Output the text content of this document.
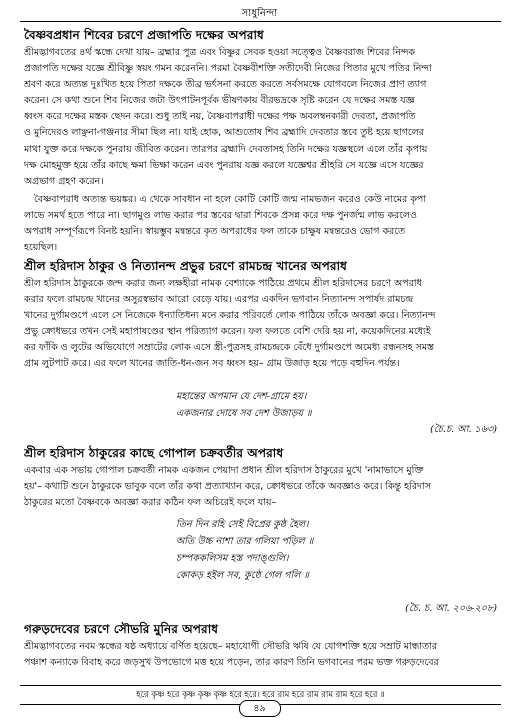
সাধুনিন্দা
বৈষ্ণবপ্রধান শিবের চরণে প্রজাপতি দক্ষের অপরাধ
শ্রীমদ্ভাগবতের ৪র্থ স্কন্ধে দেখা যায়– ব্রহ্মার পুত্র এবং বিষ্ণুর সেবক হওয়া সত্ত্বেও বৈষ্ণবরাজ শিবের নিন্দক
প্রজাপতি দক্ষের যজ্ঞে শ্রীবিষ্ণু স্বয়ং গমন করেননি। পরমা বৈষ্ণবীশক্তি সতীদেবী নিজের পিতার মুখে পতির নিন্দা
শ্রবণ করে অত্যন্ত দুঃখিত হয়ে পিতা দক্ষকে তীব্র ভর্ৎসনা করতে করতে সর্বসমক্ষে যোগবলে নিজের প্রাণ ত্যাগ
করেন। সে কথা শুনে শিব নিজের জটা উৎপাটনপূর্বক ভীষণকায় বীরভদ্রকে সৃষ্টি করেন যে দক্ষের সমস্ত যজ্ঞ
ধ্বংস করে দক্ষের মস্তক ছেদন করে। শুধু তাই নয়, বৈষ্ণবাপরাধী দক্ষের পক্ষ অবলম্বনকারী দেবতা, প্রজাপতি
ও মুনিদেরও লাঞ্ছনা-গঞ্জনার সীমা ছিল না। যাই হোক, আশুতোষ শিব ব্রহ্মাদি দেবতার স্তবে তুষ্ট হয়ে ছাগলের
মাথা যুক্ত করে দক্ষকে পুনরায় জীবিত করেন। তারপর ব্রহ্মাদি দেবতাসহ তিনি দক্ষের যজ্ঞস্থলে এলে তাঁর কৃপায়
দক্ষ মোহমুক্ত হয়ে তাঁর কাছে ক্ষমা ভিক্ষা করেন এবং পুনরায় যজ্ঞ করলে যজ্ঞেশ্বর শ্রীহরি সে যজ্ঞে এসে যজ্ঞের
অগ্রভাগ গ্রহণ করেন।
বৈষ্ণবাপরাধ অত্যন্ত ভয়ঙ্কর। এ থেকে সাবধান না হলে কোটি কোটি জন্ম নামভজন করেও কেউ নামের কৃপা
লাভে সমর্থ হতে পারে না। ছাগমুণ্ড লাভ করার পর স্তবের দ্বারা শিবকে প্রসন্ন করে দক্ষ পুনর্জন্ম লাভ করলেও
অপরাধ সম্পূর্ণরূপে বিনষ্ট হয়নি। স্বায়ম্ভুব মন্বন্তরে কৃত অপরাধের ফল তাকে চাক্ষুষ মন্বন্তরেও ভোগ করতে
হয়েছিল।
শ্রীল হরিদাস ঠাকুর ও নিত্যানন্দ প্রভুর চরণে রামচন্দ্র খানের অপরাধ
শ্রীল হরিদাস ঠাকুরকে জন্দ করার জন্য লক্ষহীরা নামক বেশ্যাকে পাঠিয়ে প্রথমে শ্রীল হরিদাসের চরণে অপরাধ
করার ফলে রামচন্দ্র খানের অসুরস্বভাব আরো বেড়ে যায়। এরপর একদিন ভগবান নিত্যানন্দ সপার্ষদ রামচন্দ্র
খানের দুর্গামণ্ডপে এলে সে নিজেকে ধন্যাতিধন্য মনে করার পরিবর্তে লোক পাঠিয়ে তাঁকে অবজ্ঞা করে। নিত্যানন্দ
প্রভু ক্রোধভরে তখন সেই মহাপাষণ্ডের স্থান পরিত্যাগ করেন। ফল ফলতে বেশি দেরি হয় না, কয়েকদিনের মধ্যেই
কর ফাঁকি ও লুটের অভিযোগে সম্রাটের লোক এসে স্ত্রী-পুত্রসহ রামচন্দ্রকে বেঁধে দুর্গামণ্ডপে অমেধ্য রন্ধনসহ সমস্ত
গ্রাম লুটপাট করে। এর ফলে খানের জাতি-ধন-জন সব ধ্বংস হয়– গ্রাম উজাড় হয়ে পড়ে বহুদিন পর্যন্ত।
মহান্তের অপমান যে দেশ-গ্রামে হয়।
একজনার দোষে সব দেশ উজাড়য় ॥
(চৈ.চ. আ. ১৬৩)
শ্রীল হরিদাস ঠাকুরের কাছে গোপাল চক্রবর্তীর অপরাধ
একবার এক সভায় গোপাল চক্রবর্তী নামক একজন পেয়াদা প্রধান শ্রীল হরিদাস ঠাকুরের মুখে 'নামাভাসে মুক্তি
হয়'– কথাটি শুনে ঠাকুরকে ভাবুক বলে তাঁর কথা প্রত্যাখ্যান করে, ক্রোধভরে তাঁকে অবজ্ঞাও করে। কিন্তু হরিদাস
ঠাকুরের মতো বৈষ্ণবকে অবজ্ঞা করার কঠিন ফল অচিরেই ফলে যায়–
তিন দিন রহি সেই বিপ্রের কুষ্ঠ হৈল।
অতি উচ্চ নাশা তার গলিয়া পড়িল ॥
চম্পককলিসম হস্ত পদাঙ্গুলি।
কোকড় হইল সব, কুষ্ঠে গেল গলি ॥
(চৈ. চ. আ. ২০৬-২০৮)
গরুড়দেবের চরণে সৌভরি মুনির অপরাধ
শ্রীমদ্ভাগবতের নবম স্কন্ধের ষষ্ঠ অধ্যায়ে বর্ণিত হয়েছে– মহাযোগী সৌভরি ঋষি যে যোগশক্তি হয়ে সম্রাট মান্ধাতার
পঞ্চাশ কন্যাকে বিবাহ করে জড়সুখ উপভোগে মত্ত হয়ে পড়েন, তার কারণ তিনি ভগবানের পরম ভক্ত গরুড়দেবের
হরে কৃষ্ণ হরে কৃষ্ণ কৃষ্ণ কৃষ্ণ হরে হরে। হরে রাম হরে রাম রাম রাম হরে হরে ॥
৪৯
